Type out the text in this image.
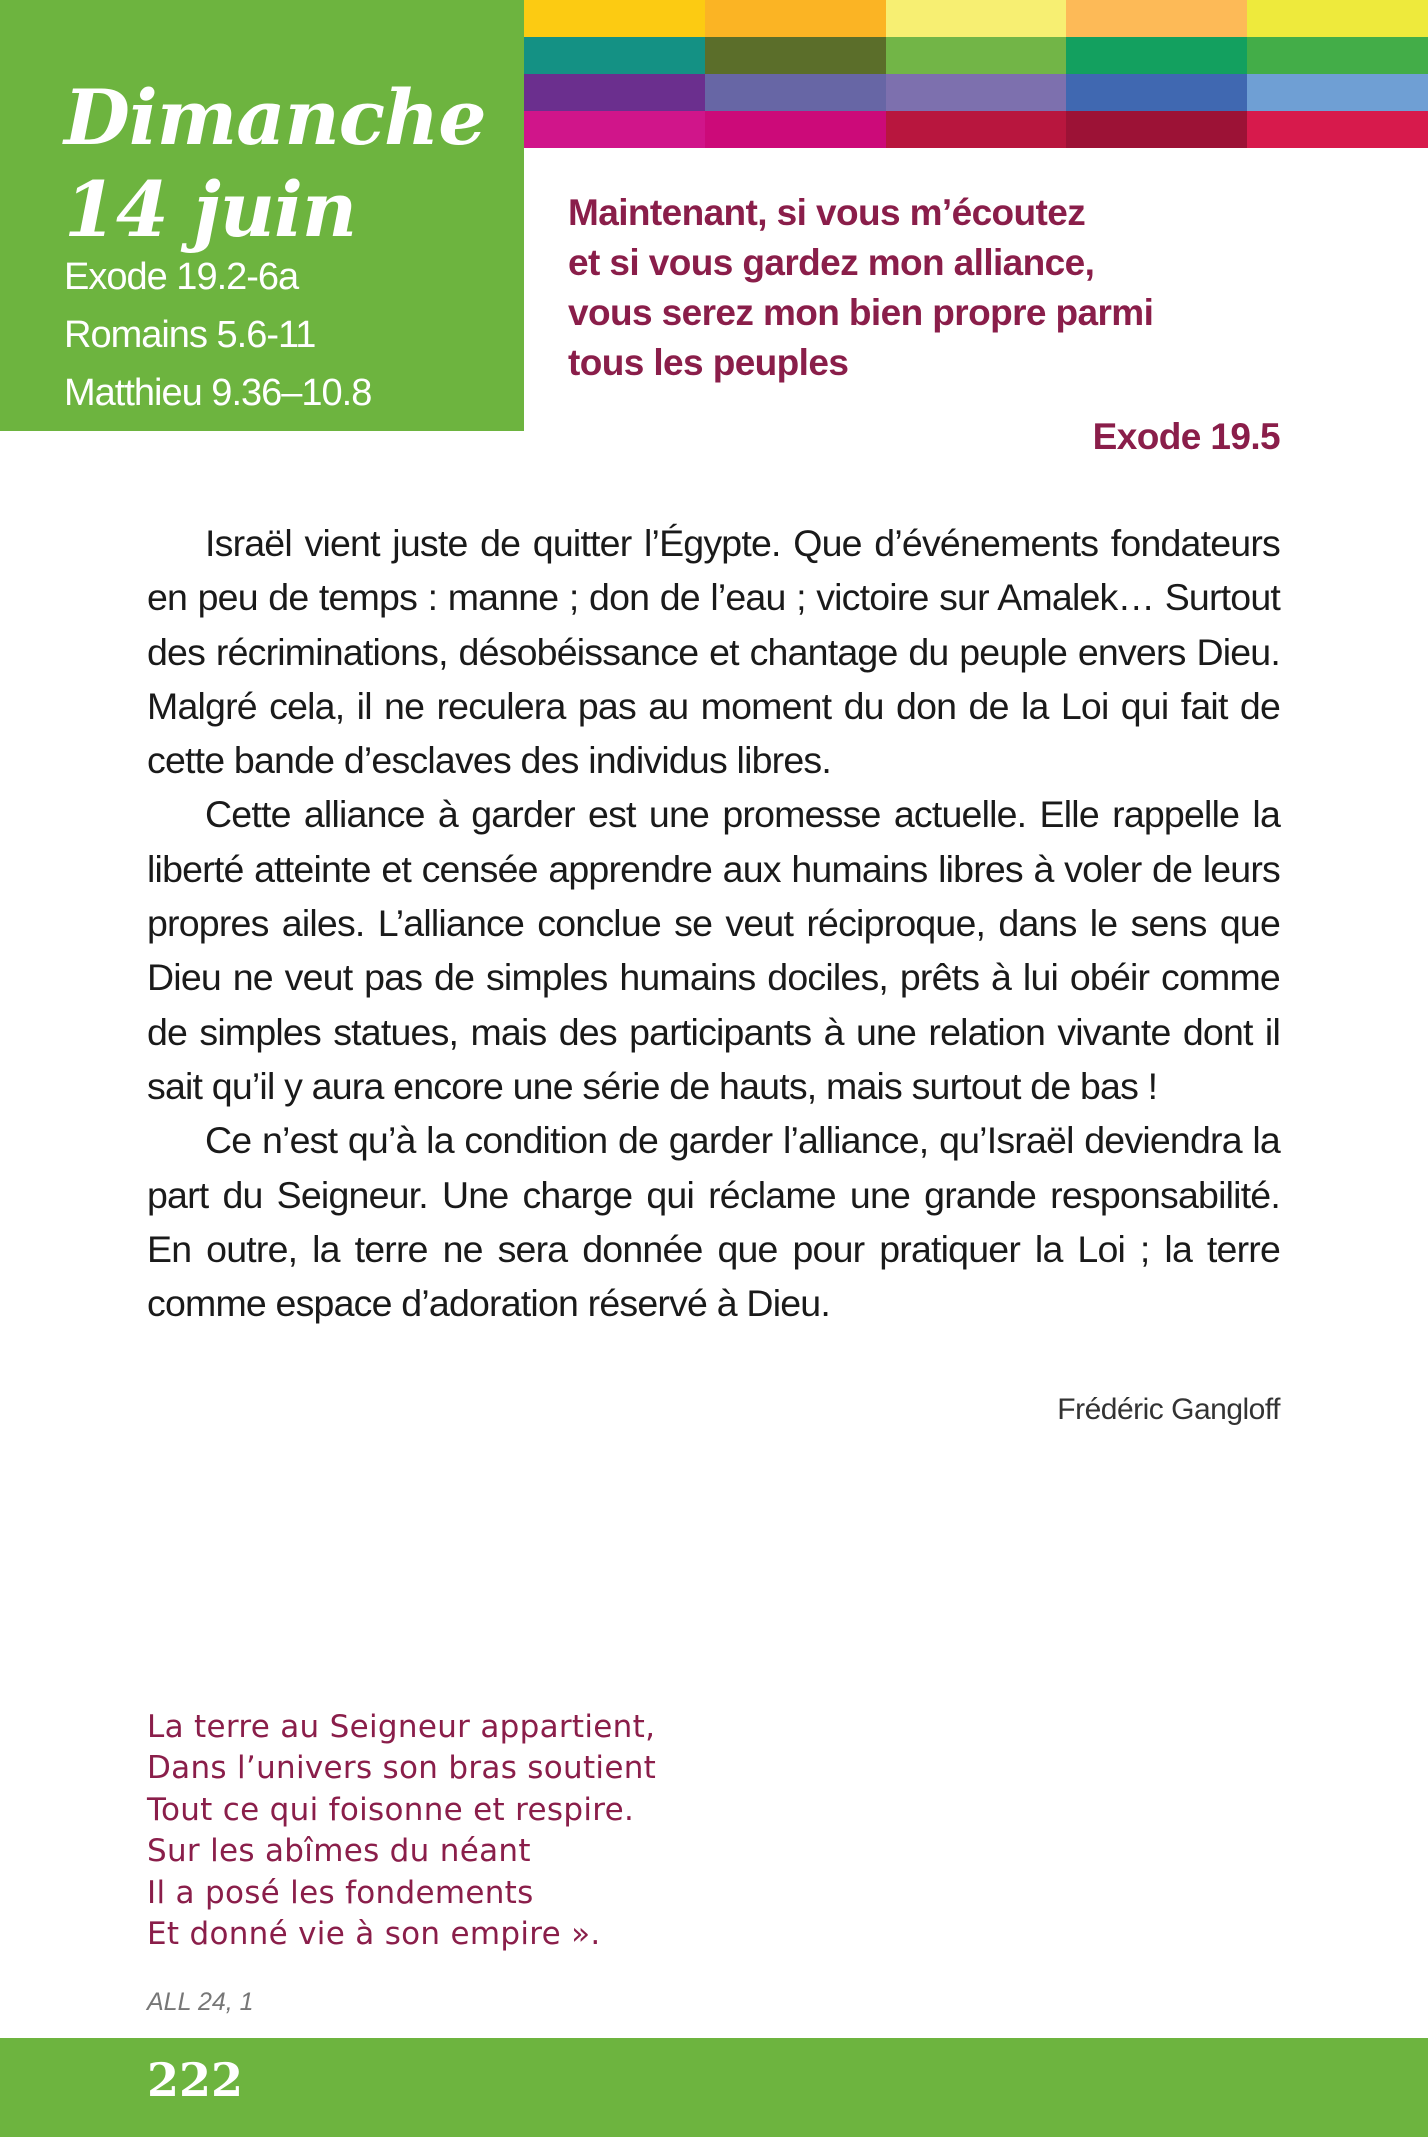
Dimanche 14 juin
Exode 19.2-6a
Romains 5.6-11
Matthieu 9.36–10.8
Maintenant, si vous m’écoutez
et si vous gardez mon alliance,
vous serez mon bien propre parmi
tous les peuples

Exode 19.5

Israël vient juste de quitter l’Égypte. Que d’événements fondateurs en peu de temps : manne ; don de l’eau ; victoire sur Amalek… Surtout des récriminations, désobéissance et chantage du peuple envers Dieu. Malgré cela, il ne reculera pas au moment du don de la Loi qui fait de cette bande d’esclaves des individus libres.

Cette alliance à garder est une promesse actuelle. Elle rappelle la liberté atteinte et censée apprendre aux humains libres à voler de leurs propres ailes. L’alliance conclue se veut réciproque, dans le sens que Dieu ne veut pas de simples humains dociles, prêts à lui obéir comme de simples statues, mais des participants à une relation vivante dont il sait qu’il y aura encore une série de hauts, mais surtout de bas !

Ce n’est qu’à la condition de garder l’alliance, qu’Israël deviendra la part du Seigneur. Une charge qui réclame une grande responsabilité. En outre, la terre ne sera donnée que pour pratiquer la Loi ; la terre comme espace d’adoration réservé à Dieu.

Frédéric Gangloff

La terre au Seigneur appartient,
Dans l’univers son bras soutient
Tout ce qui foisonne et respire.
Sur les abîmes du néant
Il a posé les fondements
Et donné vie à son empire ».

ALL 24, 1

222
